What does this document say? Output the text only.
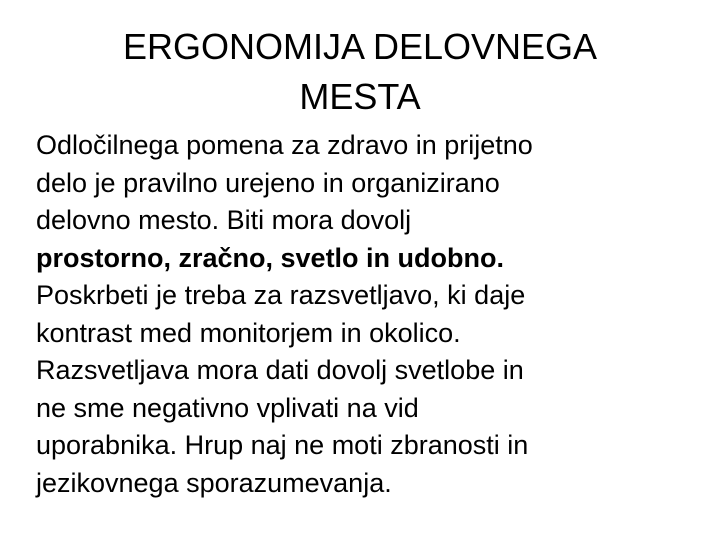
ERGONOMIJA DELOVNEGA
MESTA

Odločilnega pomena za zdravo in prijetno
delo je pravilno urejeno in organizirano
delovno mesto. Biti mora dovolj
prostorno, zračno, svetlo in udobno.
Poskrbeti je treba za razsvetljavo, ki daje
kontrast med monitorjem in okolico.
Razsvetljava mora dati dovolj svetlobe in
ne sme negativno vplivati na vid
uporabnika. Hrup naj ne moti zbranosti in
jezikovnega sporazumevanja.
